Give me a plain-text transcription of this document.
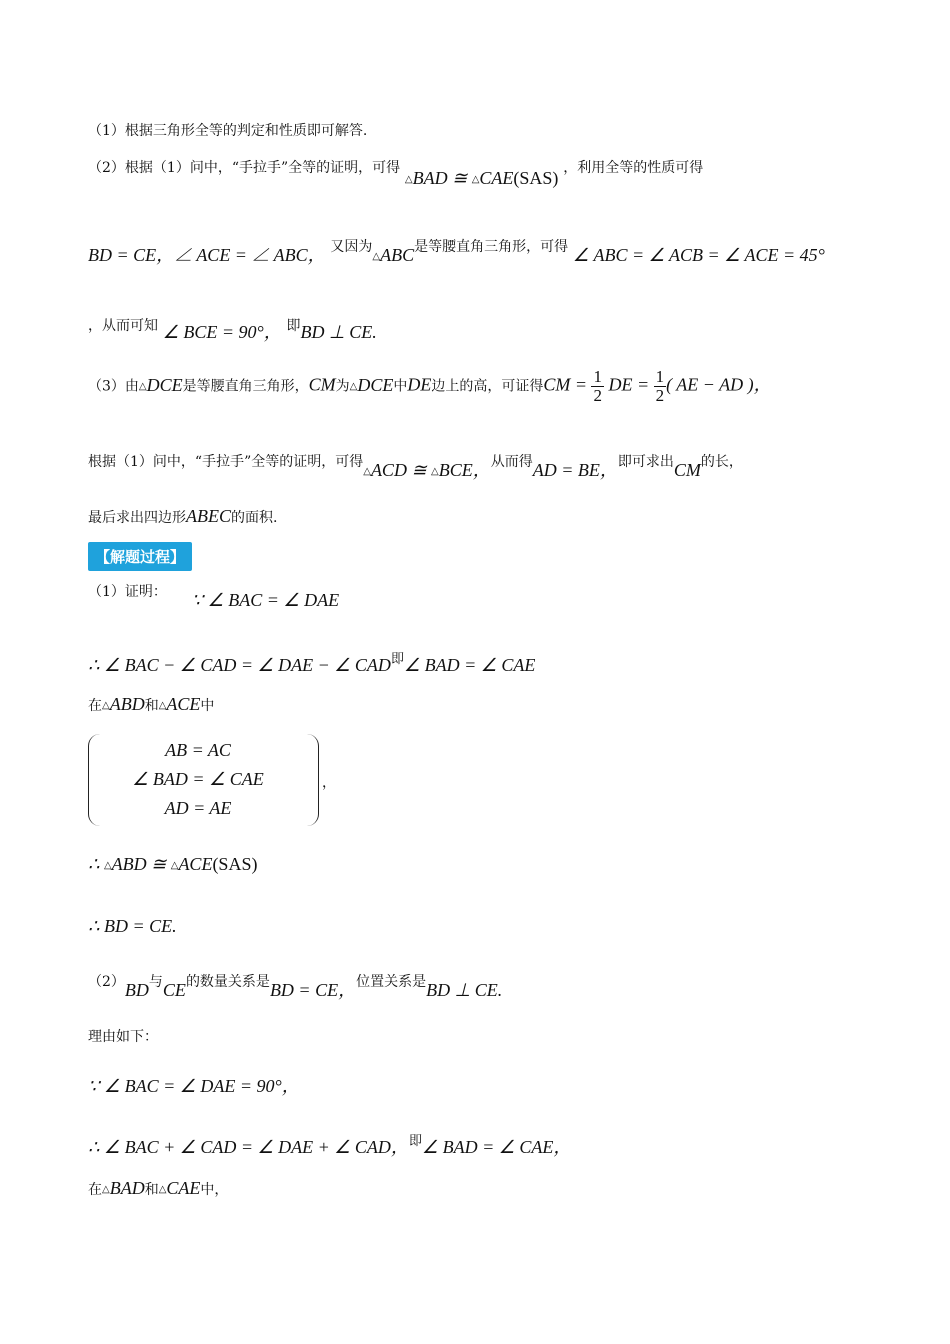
（1）根据三角形全等的判定和性质即可解答.
（2）根据（1）问中，“手拉手”全等的证明，可得 △BAD ≅ △CAE(SAS) ，利用全等的性质可得
BD = CE，∠ ACE = ∠ ABC， 又因为△ABC是等腰直角三角形，可得 ∠ ABC = ∠ ACB = ∠ ACE = 45°
，从而可知 ∠ BCE = 90°， 即BD ⊥ CE.
（3）由△DCE是等腰直角三角形，CM为△DCE中DE边上的高，可证得CM = $\frac{1}{2}$ DE = $\frac{1}{2}$ ( AE − AD )，
根据（1）问中，“手拉手”全等的证明，可得△ACD ≅ △BCE，从而得AD = BE，即可求出CM的长，
最后求出四边形ABEC的面积.
【解题过程】
（1）证明： ∵ ∠ BAC = ∠ DAE
∴ ∠ BAC − ∠ CAD = ∠ DAE − ∠ CAD即∠ BAD = ∠ CAE
在△ABD和△ACE中
AB = AC
∠ BAD = ∠ CAE
AD = AE
，
∴ △ABD ≅ △ACE(SAS)
∴ BD = CE.
（2）BD与CE的数量关系是BD = CE，位置关系是BD ⊥ CE.
理由如下：
∵ ∠ BAC = ∠ DAE = 90°，
∴ ∠ BAC + ∠ CAD = ∠ DAE + ∠ CAD，即∠ BAD = ∠ CAE，
在△BAD和△CAE中，
